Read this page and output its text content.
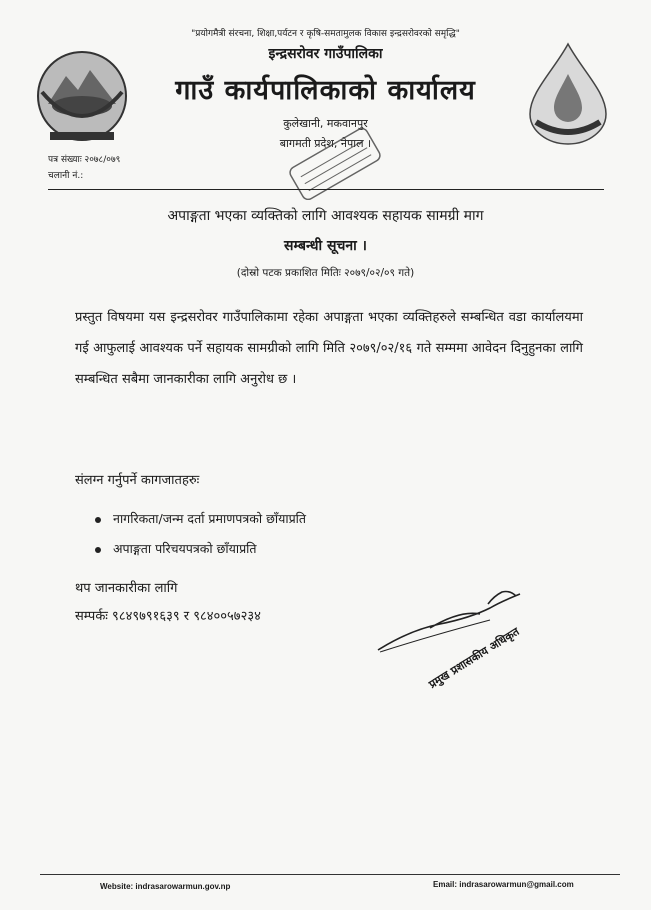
"प्रयोगमैत्री संरचना, शिक्षा,पर्यटन र कृषि-समतामुलक विकास इन्द्रसरोवरको समृद्धि"
इन्द्रसरोवर गाउँपालिका
गाउँ कार्यपालिकाको कार्यालय
कुलेखानी, मकवानपुर
बागमती प्रदेश, नेपाल ।
पत्र संख्याः २०७८/०७९
चलानी नं.:
अपाङ्गता भएका व्यक्तिको लागि आवश्यक सहायक सामग्री माग
सम्बन्धी सूचना ।
(दोस्रो पटक प्रकाशित मितिः २०७९/०२/०९ गते)
प्रस्तुत विषयमा यस इन्द्रसरोवर गाउँपालिकामा रहेका अपाङ्गता भएका व्यक्तिहरुले सम्बन्धित वडा कार्यालयमा गई आफुलाई आवश्यक पर्ने सहायक सामग्रीको लागि मिति २०७९/०२/१६ गते सम्ममा आवेदन दिनुहुनका लागि सम्बन्धित सबैमा जानकारीका लागि अनुरोध छ ।
संलग्न गर्नुपर्ने कागजातहरुः
नागरिकता/जन्म दर्ता प्रमाणपत्रको छाँयाप्रति
अपाङ्गता परिचयपत्रको छाँयाप्रति
थप जानकारीका लागि
सम्पर्कः ९८४९७९१६३९ र ९८४००५७२३४
प्रमुख प्रशासकीय अधिकृत
Website: indrasarowarmun.gov.np	Email: indrasarowarmun@gmail.com
